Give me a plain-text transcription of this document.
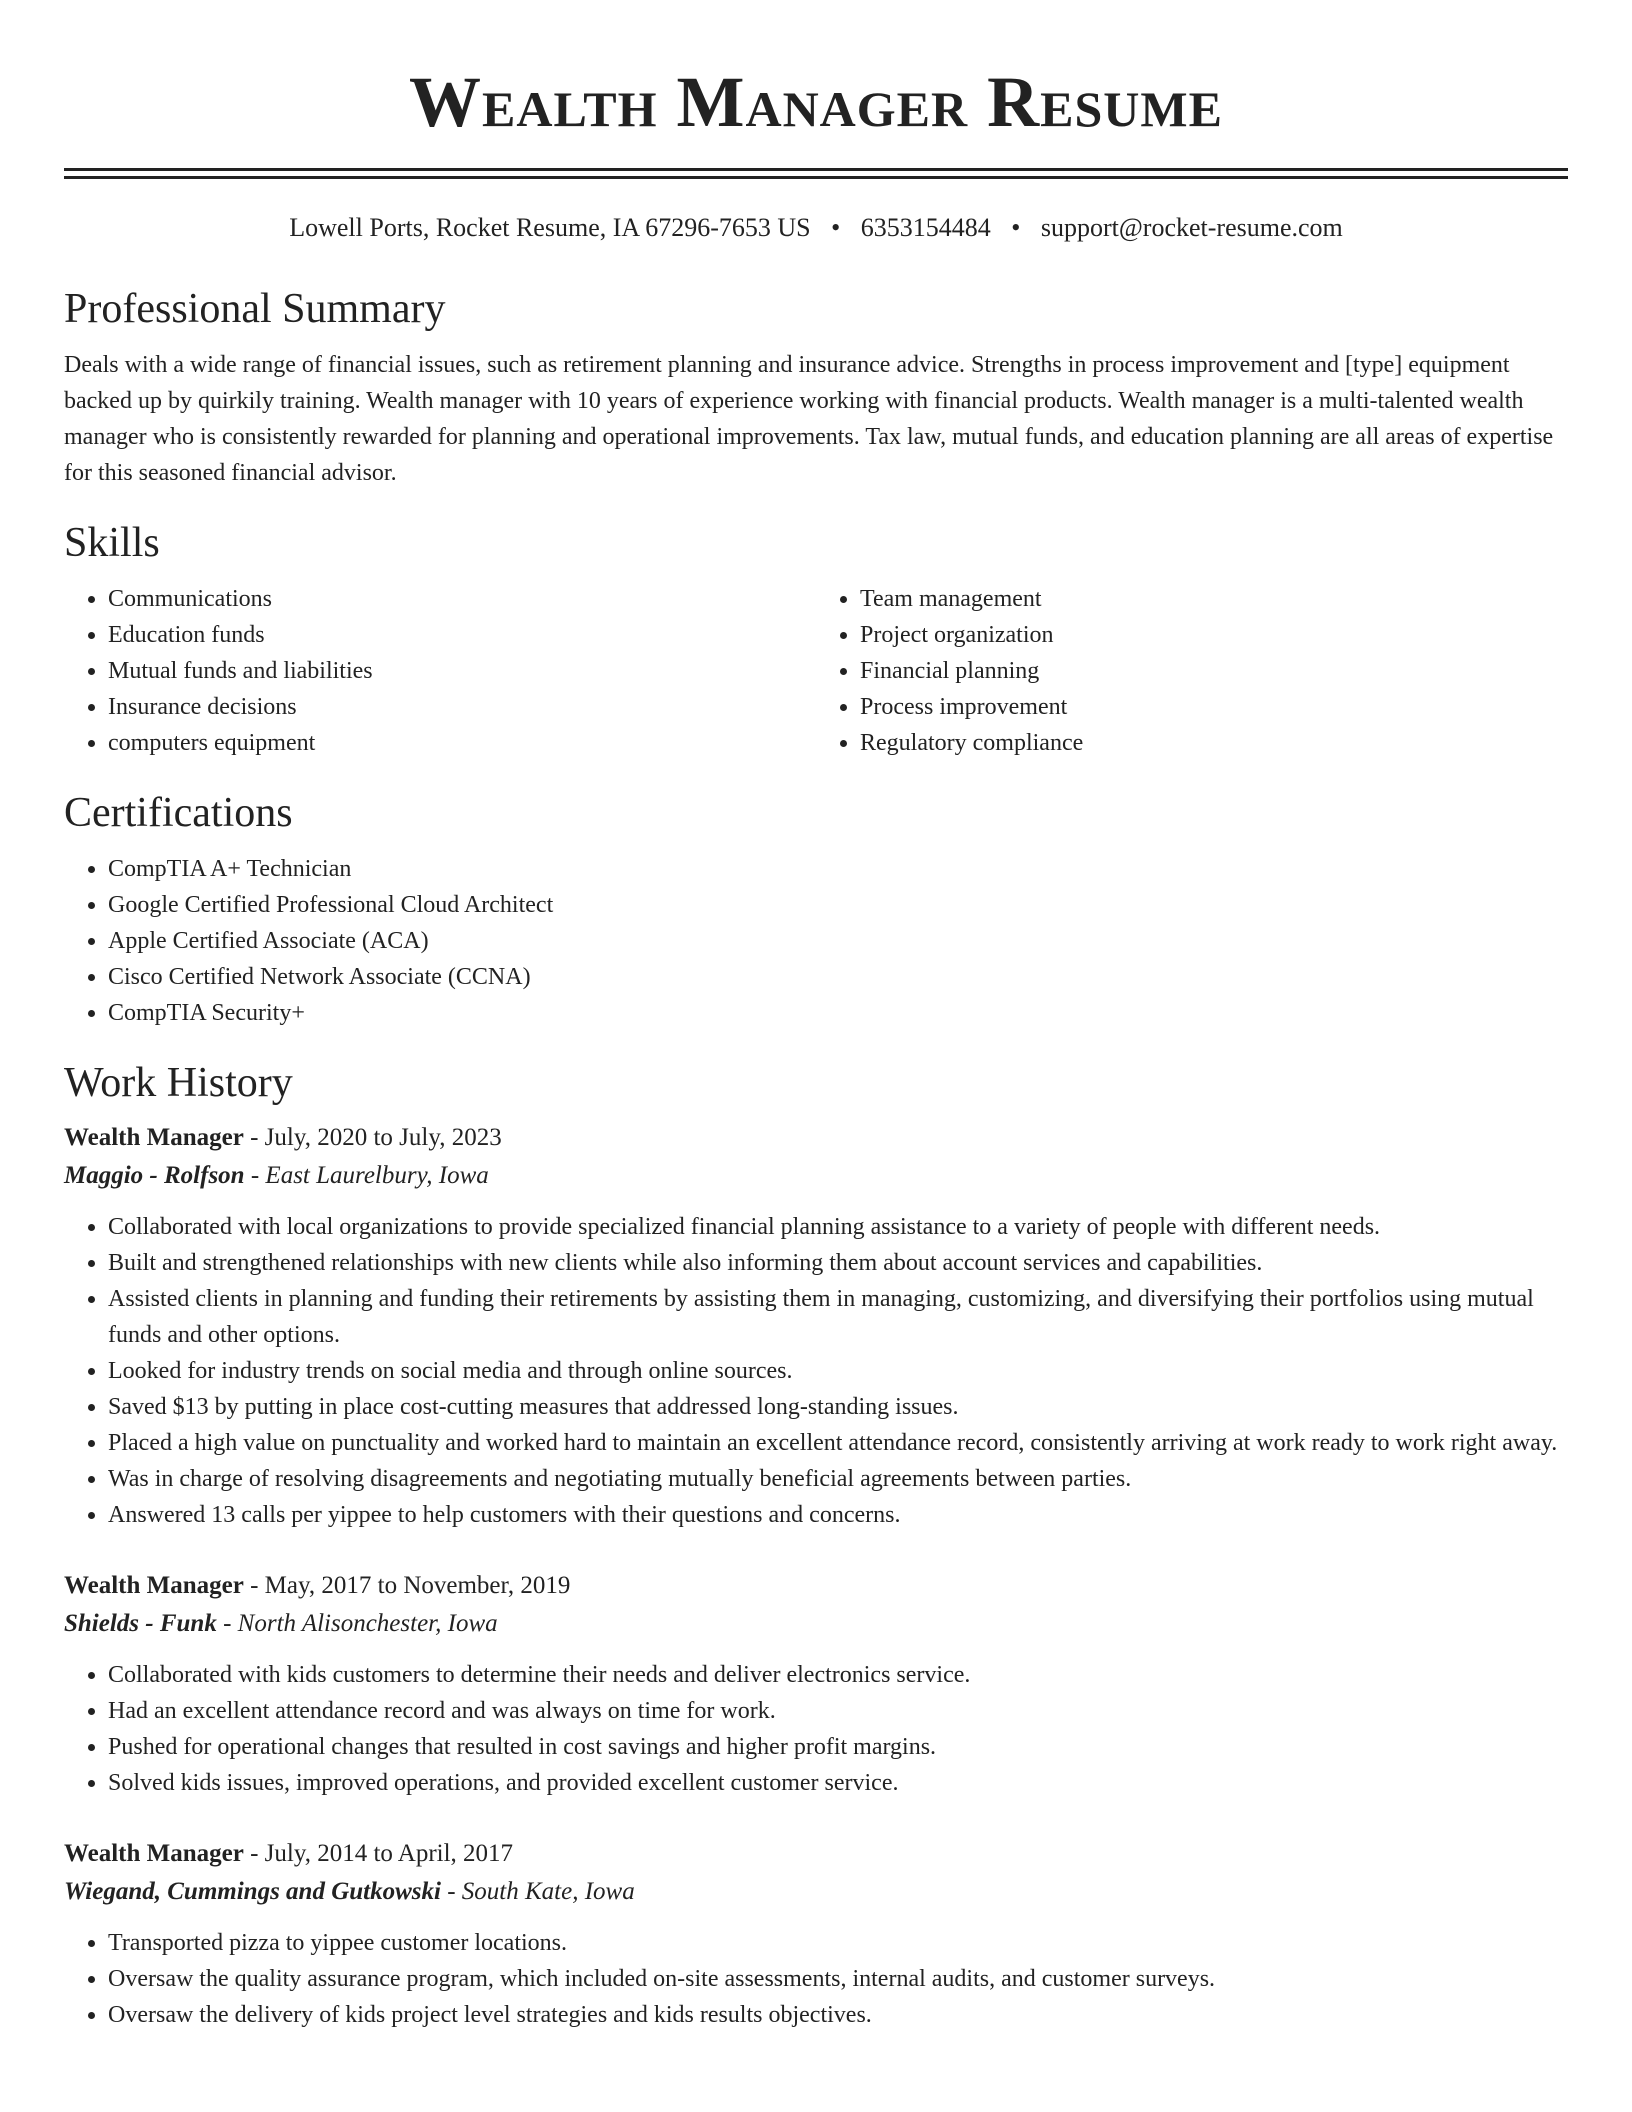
Wealth Manager Resume
Lowell Ports, Rocket Resume, IA 67296-7653 US • 6353154484 • support@rocket-resume.com
Professional Summary

Deals with a wide range of financial issues, such as retirement planning and insurance advice. Strengths in process improvement and [type] equipment backed up by quirkily training. Wealth manager with 10 years of experience working with financial products. Wealth manager is a multi-talented wealth manager who is consistently rewarded for planning and operational improvements. Tax law, mutual funds, and education planning are all areas of expertise for this seasoned financial advisor.

Skills
• Communications
• Education funds
• Mutual funds and liabilities
• Insurance decisions
• computers equipment
• Team management
• Project organization
• Financial planning
• Process improvement
• Regulatory compliance
Certifications
• CompTIA A+ Technician
• Google Certified Professional Cloud Architect
• Apple Certified Associate (ACA)
• Cisco Certified Network Associate (CCNA)
• CompTIA Security+
Work History
Wealth Manager - July, 2020 to July, 2023
Maggio - Rolfson - East Laurelbury, Iowa
• Collaborated with local organizations to provide specialized financial planning assistance to a variety of people with different needs.
• Built and strengthened relationships with new clients while also informing them about account services and capabilities.
• Assisted clients in planning and funding their retirements by assisting them in managing, customizing, and diversifying their portfolios using mutual funds and other options.
• Looked for industry trends on social media and through online sources.
• Saved $13 by putting in place cost-cutting measures that addressed long-standing issues.
• Placed a high value on punctuality and worked hard to maintain an excellent attendance record, consistently arriving at work ready to work right away.
• Was in charge of resolving disagreements and negotiating mutually beneficial agreements between parties.
• Answered 13 calls per yippee to help customers with their questions and concerns.
Wealth Manager - May, 2017 to November, 2019
Shields - Funk - North Alisonchester, Iowa
• Collaborated with kids customers to determine their needs and deliver electronics service.
• Had an excellent attendance record and was always on time for work.
• Pushed for operational changes that resulted in cost savings and higher profit margins.
• Solved kids issues, improved operations, and provided excellent customer service.
Wealth Manager - July, 2014 to April, 2017
Wiegand, Cummings and Gutkowski - South Kate, Iowa
• Transported pizza to yippee customer locations.
• Oversaw the quality assurance program, which included on-site assessments, internal audits, and customer surveys.
• Oversaw the delivery of kids project level strategies and kids results objectives.
